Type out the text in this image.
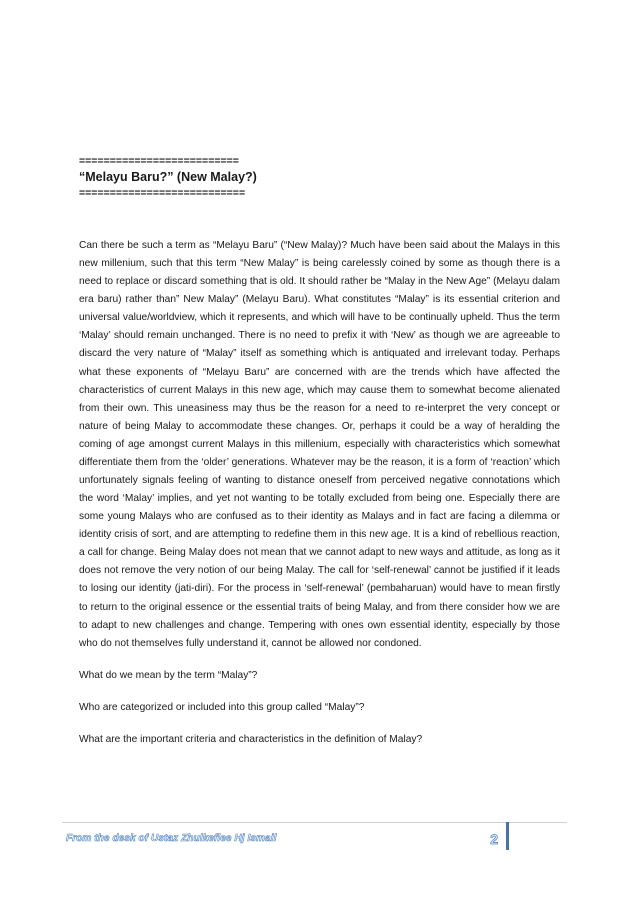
==========================
“Melayu Baru?” (New Malay?)
===========================

Can there be such a term as “Melayu Baru” (“New Malay)? Much have been said about the Malays in this new millenium, such that this term “New Malay” is being carelessly coined by some as though there is a need to replace or discard something that is old. It should rather be “Malay in the New Age” (Melayu dalam era baru) rather than” New Malay” (Melayu Baru). What constitutes “Malay” is its essential criterion and universal value/worldview, which it represents, and which will have to be continually upheld. Thus the term ‘Malay’ should remain unchanged. There is no need to prefix it with ‘New’ as though we are agreeable to discard the very nature of “Malay” itself as something which is antiquated and irrelevant today. Perhaps what these exponents of “Melayu Baru” are concerned with are the trends which have affected the characteristics of current Malays in this new age, which may cause them to somewhat become alienated from their own. This uneasiness may thus be the reason for a need to re-interpret the very concept or nature of being Malay to accommodate these changes. Or, perhaps it could be a way of heralding the coming of age amongst current Malays in this millenium, especially with characteristics which somewhat differentiate them from the ‘older’ generations. Whatever may be the reason, it is a form of ‘reaction’ which unfortunately signals feeling of wanting to distance oneself from perceived negative connotations which the word ‘Malay’ implies, and yet not wanting to be totally excluded from being one. Especially there are some young Malays who are confused as to their identity as Malays and in fact are facing a dilemma or identity crisis of sort, and are attempting to redefine them in this new age. It is a kind of rebellious reaction, a call for change. Being Malay does not mean that we cannot adapt to new ways and attitude, as long as it does not remove the very notion of our being Malay. The call for ‘self-renewal’ cannot be justified if it leads to losing our identity (jati-diri). For the process in ‘self-renewal’ (pembaharuan) would have to mean firstly to return to the original essence or the essential traits of being Malay, and from there consider how we are to adapt to new challenges and change. Tempering with ones own essential identity, especially by those who do not themselves fully understand it, cannot be allowed nor condoned.

What do we mean by the term “Malay”?

Who are categorized or included into this group called “Malay”?

What are the important criteria and characteristics in the definition of Malay?

From the desk of Ustaz Zhulkeflee Hj Ismail	2
